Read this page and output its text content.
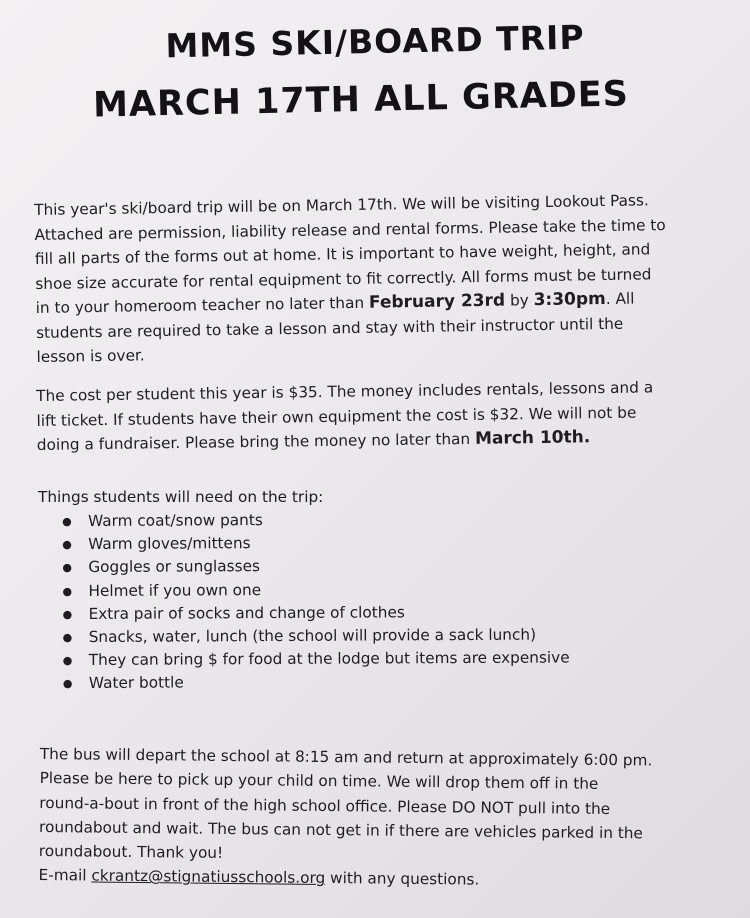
MMS SKI/BOARD TRIP
MARCH 17TH ALL GRADES
This year's ski/board trip will be on March 17th. We will be visiting Lookout Pass.
Attached are permission, liability release and rental forms. Please take the time to
fill all parts of the forms out at home. It is important to have weight, height, and
shoe size accurate for rental equipment to fit correctly. All forms must be turned
in to your homeroom teacher no later than February 23rd by 3:30pm. All
students are required to take a lesson and stay with their instructor until the
lesson is over.
The cost per student this year is $35. The money includes rentals, lessons and a
lift ticket. If students have their own equipment the cost is $32. We will not be
doing a fundraiser. Please bring the money no later than March 10th.
Things students will need on the trip:
● Warm coat/snow pants
● Warm gloves/mittens
● Goggles or sunglasses
● Helmet if you own one
● Extra pair of socks and change of clothes
● Snacks, water, lunch (the school will provide a sack lunch)
● They can bring $ for food at the lodge but items are expensive
● Water bottle
The bus will depart the school at 8:15 am and return at approximately 6:00 pm.
Please be here to pick up your child on time. We will drop them off in the
round-a-bout in front of the high school office. Please DO NOT pull into the
roundabout and wait. The bus can not get in if there are vehicles parked in the
roundabout. Thank you!
E-mail ckrantz@stignatiusschools.org with any questions.
